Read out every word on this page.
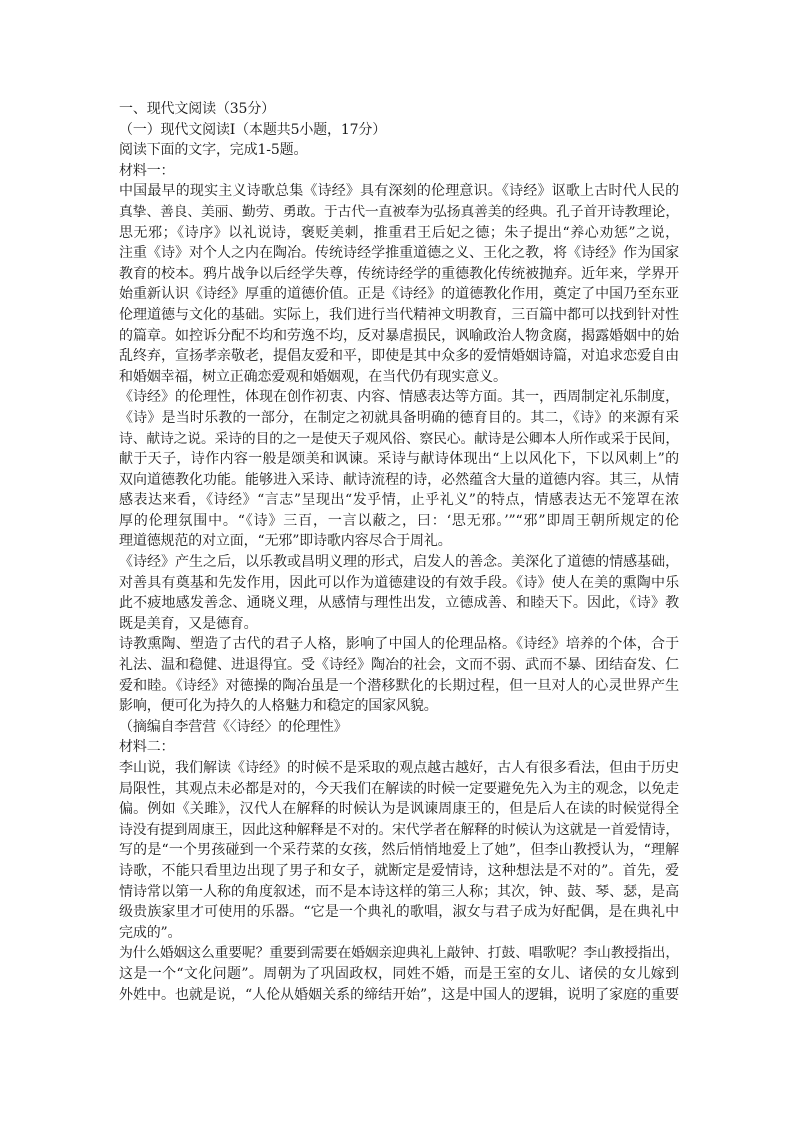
一、现代文阅读（35分）
（一）现代文阅读Ⅰ（本题共5小题，17分）
阅读下面的文字，完成1-5题。
材料一：
中国最早的现实主义诗歌总集《诗经》具有深刻的伦理意识。《诗经》讴歌上古时代人民的
真挚、善良、美丽、勤劳、勇敢。于古代一直被奉为弘扬真善美的经典。孔子首开诗教理论，
思无邪；《诗序》以礼说诗，褒贬美刺，推重君王后妃之德；朱子提出“养心劝惩”之说，
注重《诗》对个人之内在陶冶。传统诗经学推重道德之义、王化之教，将《诗经》作为国家
教育的校本。鸦片战争以后经学失尊，传统诗经学的重德教化传统被抛弃。近年来，学界开
始重新认识《诗经》厚重的道德价值。正是《诗经》的道德教化作用，奠定了中国乃至东亚
伦理道德与文化的基础。实际上，我们进行当代精神文明教育，三百篇中都可以找到针对性
的篇章。如控诉分配不均和劳逸不均，反对暴虐损民，讽喻政治人物贪腐，揭露婚姻中的始
乱终弃，宣扬孝亲敬老，提倡友爱和平，即使是其中众多的爱情婚姻诗篇，对追求恋爱自由
和婚姻幸福，树立正确恋爱观和婚姻观，在当代仍有现实意义。
《诗经》的伦理性，体现在创作初衷、内容、情感表达等方面。其一，西周制定礼乐制度，
《诗》是当时乐教的一部分，在制定之初就具备明确的德育目的。其二，《诗》的来源有采
诗、献诗之说。采诗的目的之一是使天子观风俗、察民心。献诗是公卿本人所作或采于民间，
献于天子，诗作内容一般是颂美和讽谏。采诗与献诗体现出“上以风化下，下以风刺上”的
双向道德教化功能。能够进入采诗、献诗流程的诗，必然蕴含大量的道德内容。其三，从情
感表达来看，《诗经》“言志”呈现出“发乎情，止乎礼义”的特点，情感表达无不笼罩在浓
厚的伦理氛围中。“《诗》三百，一言以蔽之，曰：‘思无邪。’”“邪”即周王朝所规定的伦
理道德规范的对立面，“无邪”即诗歌内容尽合于周礼。
《诗经》产生之后，以乐教或昌明义理的形式，启发人的善念。美深化了道德的情感基础，
对善具有奠基和先发作用，因此可以作为道德建设的有效手段。《诗》使人在美的熏陶中乐
此不疲地感发善念、通晓义理，从感情与理性出发，立德成善、和睦天下。因此，《诗》教
既是美育，又是德育。
诗教熏陶、塑造了古代的君子人格，影响了中国人的伦理品格。《诗经》培养的个体，合于
礼法、温和稳健、进退得宜。受《诗经》陶冶的社会，文而不弱、武而不暴、团结奋发、仁
爱和睦。《诗经》对德操的陶冶虽是一个潜移默化的长期过程，但一旦对人的心灵世界产生
影响，便可化为持久的人格魅力和稳定的国家风貌。
（摘编自李营营《〈诗经〉的伦理性》
材料二：
李山说，我们解读《诗经》的时候不是采取的观点越古越好，古人有很多看法，但由于历史
局限性，其观点未必都是对的，今天我们在解读的时候一定要避免先入为主的观念，以免走
偏。例如《关雎》，汉代人在解释的时候认为是讽谏周康王的，但是后人在读的时候觉得全
诗没有提到周康王，因此这种解释是不对的。宋代学者在解释的时候认为这就是一首爱情诗，
写的是“一个男孩碰到一个采荇菜的女孩，然后悄悄地爱上了她”，但李山教授认为，“理解
诗歌，不能只看里边出现了男子和女子，就断定是爱情诗，这种想法是不对的”。首先，爱
情诗常以第一人称的角度叙述，而不是本诗这样的第三人称；其次，钟、鼓、琴、瑟，是高
级贵族家里才可使用的乐器。“它是一个典礼的歌唱，淑女与君子成为好配偶，是在典礼中
完成的”。
为什么婚姻这么重要呢？重要到需要在婚姻亲迎典礼上敲钟、打鼓、唱歌呢？李山教授指出，
这是一个“文化问题”。周朝为了巩固政权，同姓不婚，而是王室的女儿、诸侯的女儿嫁到
外姓中。也就是说，“人伦从婚姻关系的缔结开始”，这是中国人的逻辑，说明了家庭的重要
